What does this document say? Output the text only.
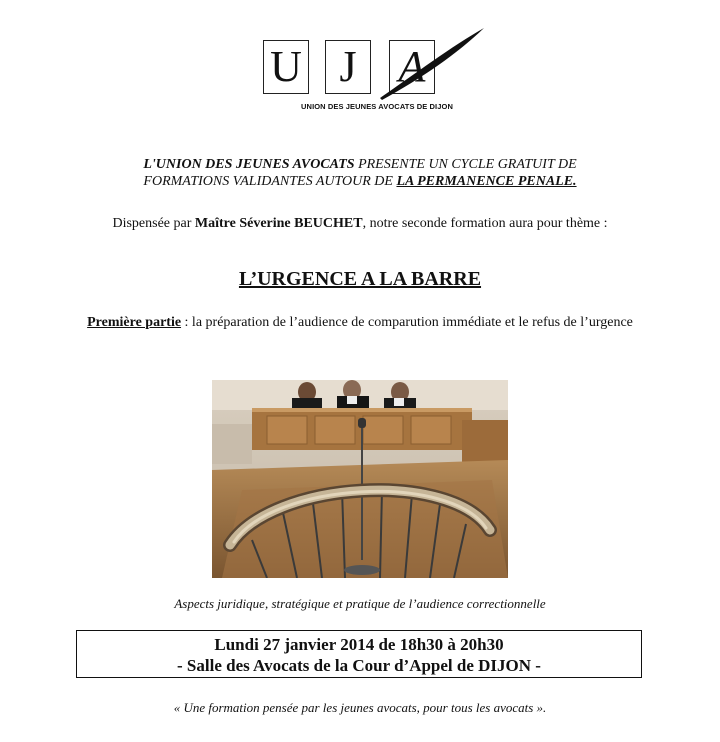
U J A
UNION DES JEUNES AVOCATS DE DIJON
L'UNION DES JEUNES AVOCATS PRESENTE UN CYCLE GRATUIT DE
FORMATIONS VALIDANTES AUTOUR DE LA PERMANENCE PENALE.
Dispensée par Maître Séverine BEUCHET, notre seconde formation aura pour thème :
L’URGENCE A LA BARRE
Première partie : la préparation de l’audience de comparution immédiate et le refus de l’urgence
Aspects juridique, stratégique et pratique de l’audience correctionnelle
Lundi 27 janvier 2014 de 18h30 à 20h30
- Salle des Avocats de la Cour d’Appel de DIJON -
« Une formation pensée par les jeunes avocats, pour tous les avocats ».
